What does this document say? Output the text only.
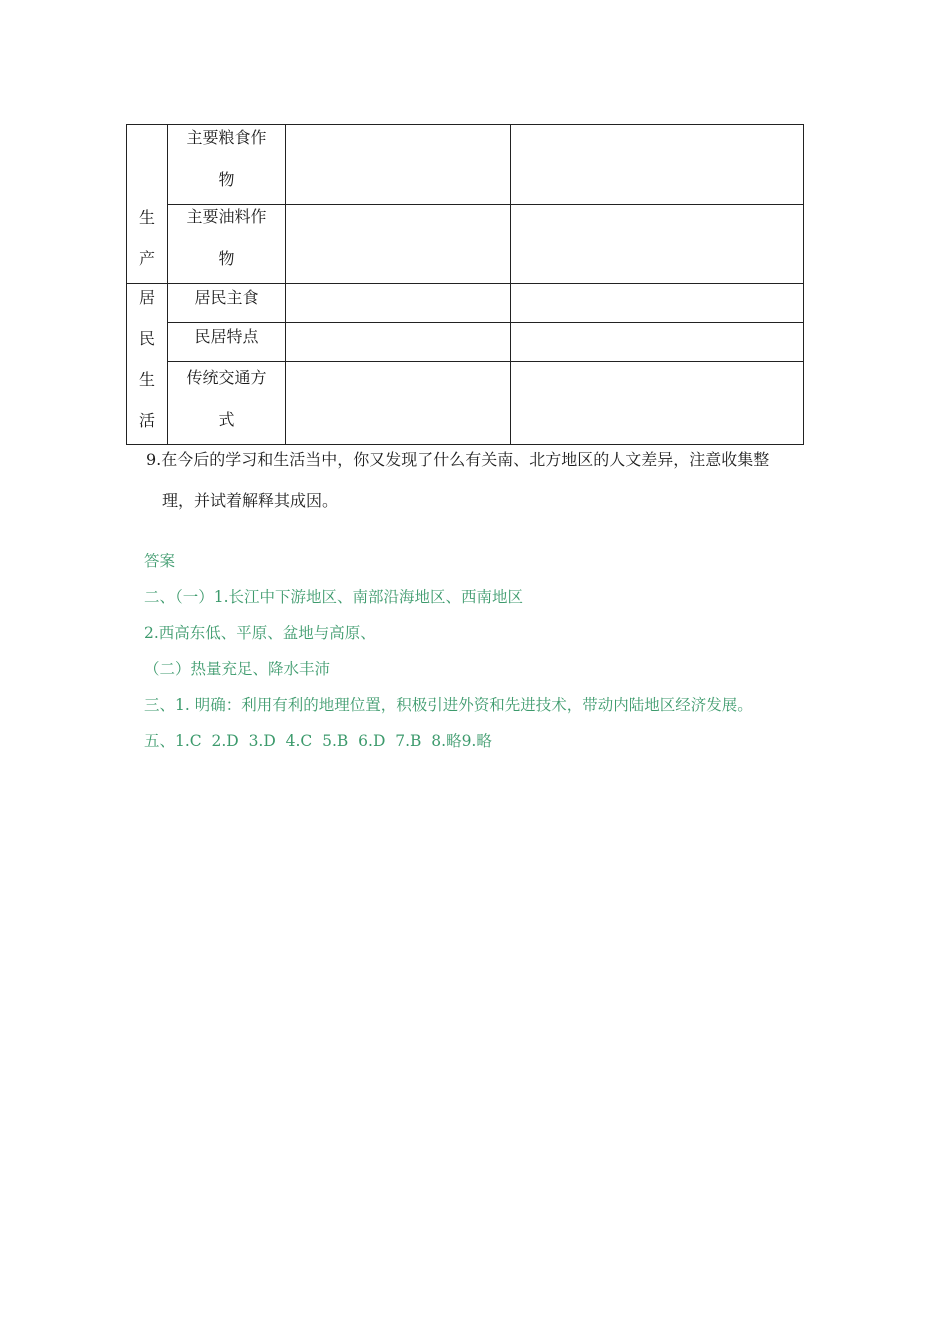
生
产
居
民
生
活
主要粮食作
物
主要油料作
物
居民主食
民居特点
传统交通方
式
9.在今后的学习和生活当中，你又发现了什么有关南、北方地区的人文差异，注意收集整
理，并试着解释其成因。
答案
二、（一）1.长江中下游地区、南部沿海地区、西南地区
2.西高东低、平原、盆地与高原、
（二）热量充足、降水丰沛
三、1. 明确：利用有利的地理位置，积极引进外资和先进技术，带动内陆地区经济发展。
五、1.C  2.D  3.D  4.C  5.B  6.D  7.B  8.略9.略
